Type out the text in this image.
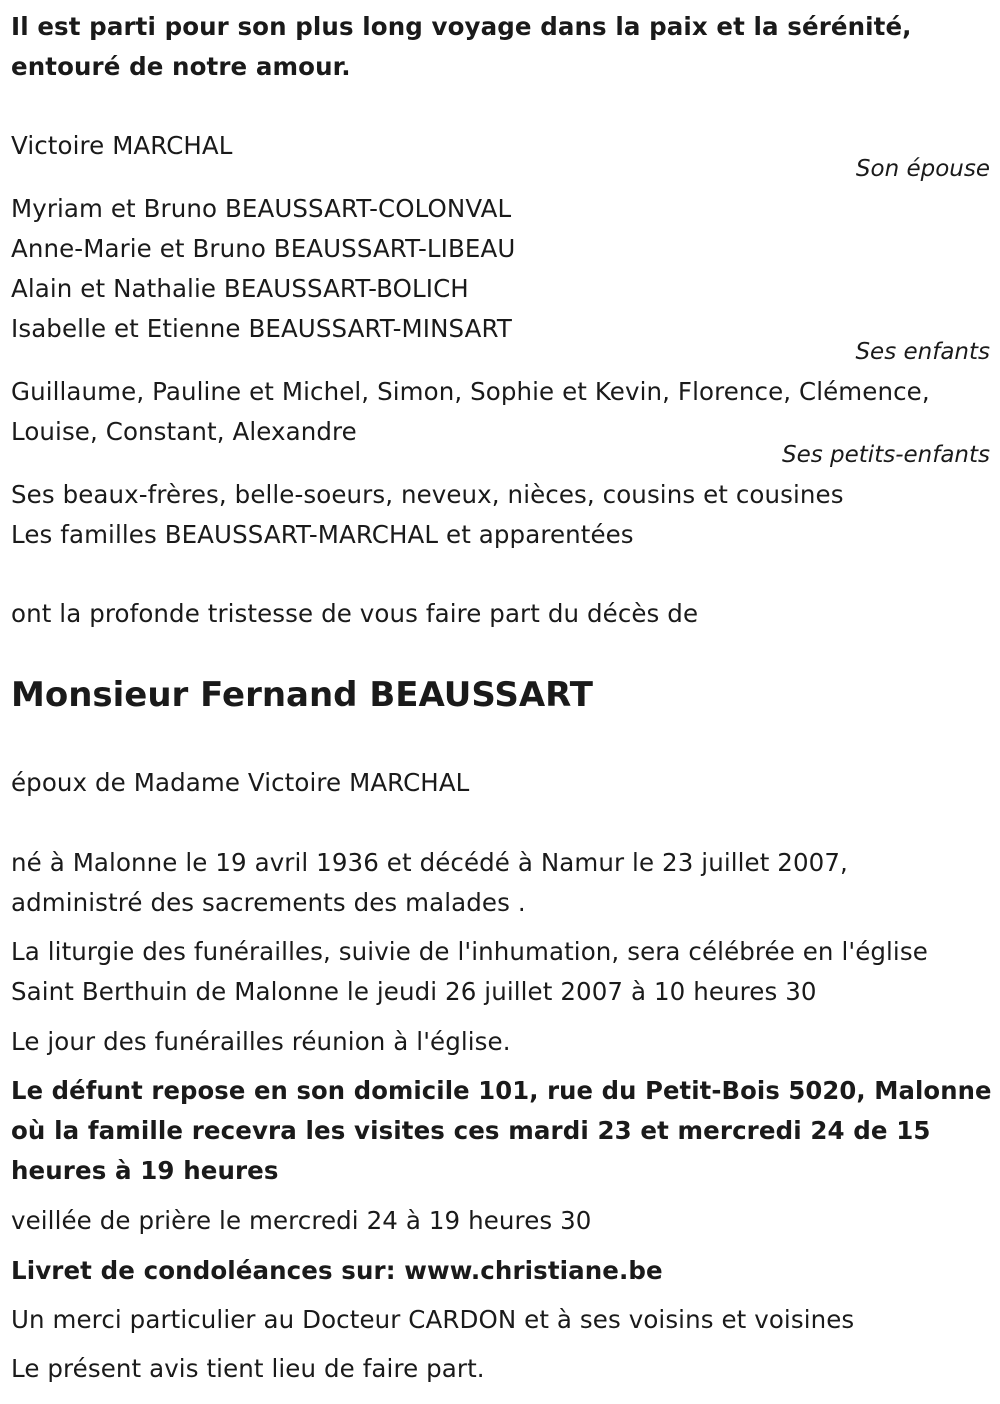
Il est parti pour son plus long voyage dans la paix et la sérénité,
entouré de notre amour.
Victoire MARCHAL
Son épouse
Myriam et Bruno BEAUSSART-COLONVAL
Anne-Marie et Bruno BEAUSSART-LIBEAU
Alain et Nathalie BEAUSSART-BOLICH
Isabelle et Etienne BEAUSSART-MINSART
Ses enfants
Guillaume, Pauline et Michel, Simon, Sophie et Kevin, Florence, Clémence,
Louise, Constant, Alexandre
Ses petits-enfants
Ses beaux-frères, belle-soeurs, neveux, nièces, cousins et cousines
Les familles BEAUSSART-MARCHAL et apparentées
ont la profonde tristesse de vous faire part du décès de
Monsieur Fernand BEAUSSART
époux de Madame Victoire MARCHAL
né à Malonne le 19 avril 1936 et décédé à Namur le 23 juillet 2007,
administré des sacrements des malades .
La liturgie des funérailles, suivie de l'inhumation, sera célébrée en l'église
Saint Berthuin de Malonne le jeudi 26 juillet 2007 à 10 heures 30
Le jour des funérailles réunion à l'église.
Le défunt repose en son domicile 101, rue du Petit-Bois 5020, Malonne
où la famille recevra les visites ces mardi 23 et mercredi 24 de 15
heures à 19 heures
veillée de prière le mercredi 24 à 19 heures 30
Livret de condoléances sur: www.christiane.be
Un merci particulier au Docteur CARDON et à ses voisins et voisines
Le présent avis tient lieu de faire part.
